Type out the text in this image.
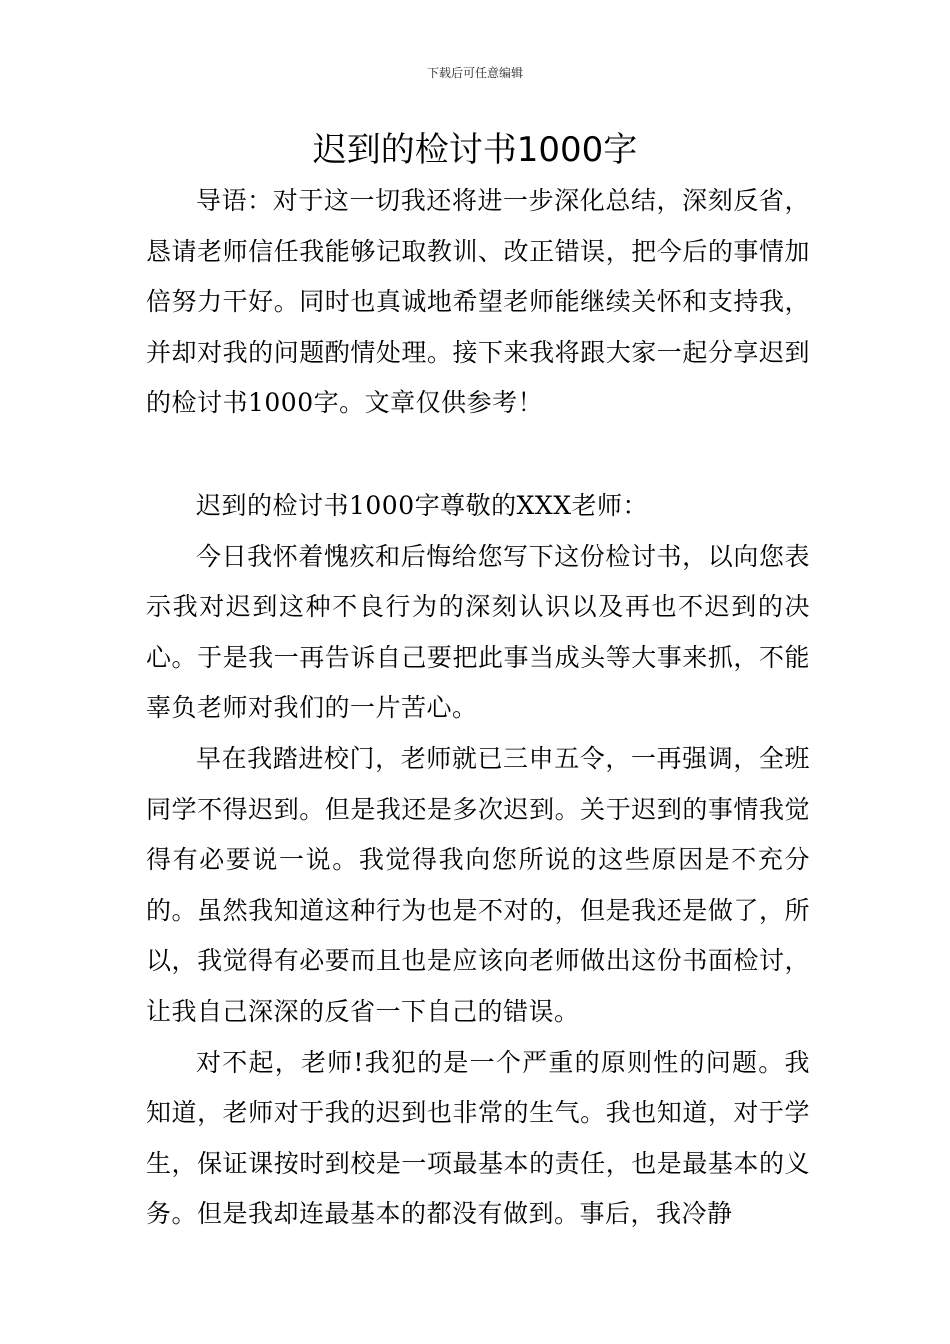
下载后可任意编辑
迟到的检讨书1000字

导语：对于这一切我还将进一步深化总结，深刻反省，恳请老师信任我能够记取教训、改正错误，把今后的事情加倍努力干好。同时也真诚地希望老师能继续关怀和支持我，并却对我的问题酌情处理。接下来我将跟大家一起分享迟到的检讨书1000字。文章仅供参考！

迟到的检讨书1000字尊敬的XXX老师：

今日我怀着愧疚和后悔给您写下这份检讨书，以向您表示我对迟到这种不良行为的深刻认识以及再也不迟到的决心。于是我一再告诉自己要把此事当成头等大事来抓，不能辜负老师对我们的一片苦心。

早在我踏进校门，老师就已三申五令，一再强调，全班同学不得迟到。但是我还是多次迟到。关于迟到的事情我觉得有必要说一说。我觉得我向您所说的这些原因是不充分的。虽然我知道这种行为也是不对的，但是我还是做了，所以，我觉得有必要而且也是应该向老师做出这份书面检讨，让我自己深深的反省一下自己的错误。

对不起，老师!我犯的是一个严重的原则性的问题。我知道，老师对于我的迟到也非常的生气。我也知道，对于学生，保证课按时到校是一项最基本的责任，也是最基本的义务。但是我却连最基本的都没有做到。事后，我冷静
